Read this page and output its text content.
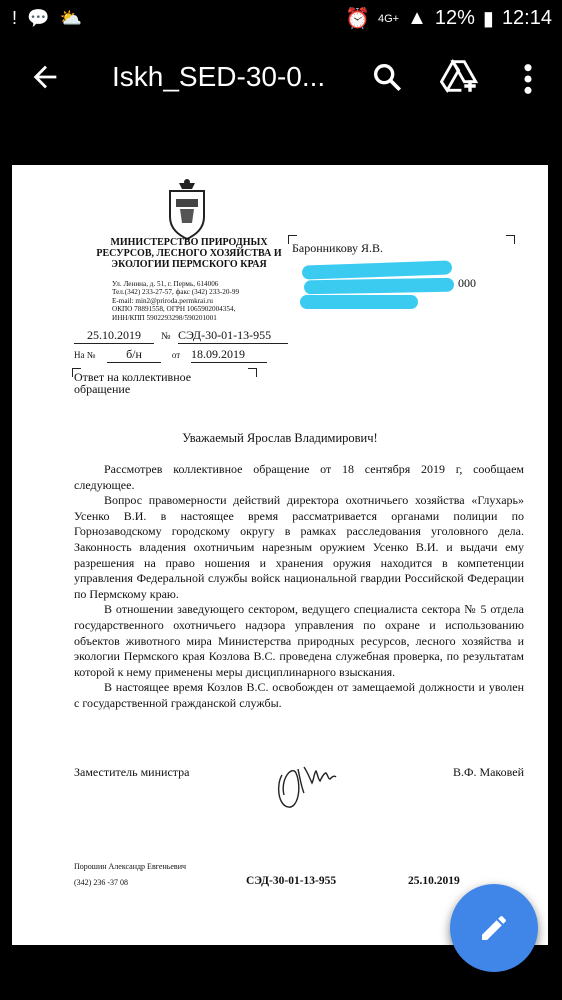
! 💬 ⛅	⏰ 4G+ ▲ 12% ▮ 12:14
Iskh_SED-30-0...
МИНИСТЕРСТВО ПРИРОДНЫХ РЕСУРСОВ, ЛЕСНОГО ХОЗЯЙСТВА И ЭКОЛОГИИ ПЕРМСКОГО КРАЯ
Ул. Ленина, д. 51, г. Пермь, 614006
Тел.(342) 233-27-57, факс (342) 233-20-99
E-mail: min2@priroda.permkrai.ru
ОКПО 78891558, ОГРН 1065902004354,
ИНН/КПП 5902293298/590201001
25.10.2019 № СЭД-30-01-13-955
На №	б/н	от 18.09.2019
Ответ на коллективное обращение
Баронникову Я.В.
000
Уважаемый Ярослав Владимирович!

Рассмотрев коллективное обращение от 18 сентября 2019 г, сообщаем следующее.

Вопрос правомерности действий директора охотничьего хозяйства «Глухарь» Усенко В.И. в настоящее время рассматривается органами полиции по Горнозаводскому городскому округу в рамках расследования уголовного дела. Законность владения охотничьим нарезным оружием Усенко В.И. и выдачи ему разрешения на право ношения и хранения оружия находится в компетенции управления Федеральной службы войск национальной гвардии Российской Федерации по Пермскому краю.

В отношении заведующего сектором, ведущего специалиста сектора № 5 отдела государственного охотничьего надзора управления по охране и использованию объектов животного мира Министерства природных ресурсов, лесного хозяйства и экологии Пермского края Козлова В.С. проведена служебная проверка, по результатам которой к нему применены меры дисциплинарного взыскания.

В настоящее время Козлов В.С. освобожден от замещаемой должности и уволен с государственной гражданской службы.

Заместитель министра	В.Ф. Маковей
Порошин Александр Евгеньевич
(342) 236 -37 08	СЭД-30-01-13-955	25.10.2019
